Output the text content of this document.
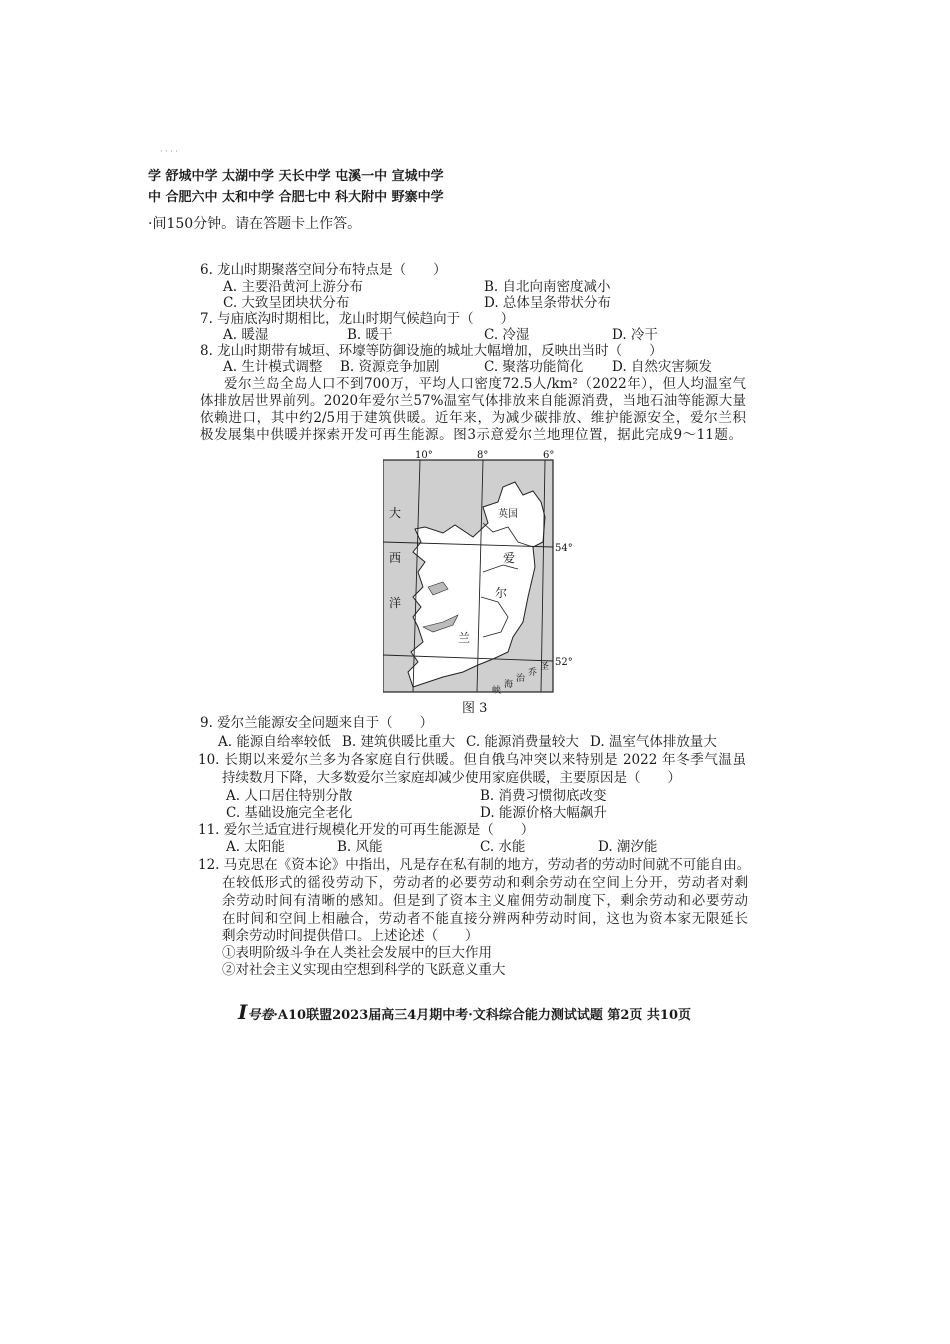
· · · ·
学 舒城中学 太湖中学 天长中学 屯溪一中 宣城中学
中 合肥六中 太和中学 合肥七中 科大附中 野寨中学
·间150分钟。请在答题卡上作答。
6. 龙山时期聚落空间分布特点是（　　）
A. 主要沿黄河上游分布	B. 自北向南密度减小
C. 大致呈团块状分布	D. 总体呈条带状分布
7. 与庙底沟时期相比，龙山时期气候趋向于（　　）
A. 暖湿	B. 暖干	C. 冷湿	D. 冷干
8. 龙山时期带有城垣、环壕等防御设施的城址大幅增加，反映出当时（　　）
A. 生计模式调整 B. 资源竞争加剧	C. 聚落功能简化 D. 自然灾害频发
爱尔兰岛全岛人口不到700万，平均人口密度72.5人/km²（2022年），但人均温室气
体排放居世界前列。2020年爱尔兰57%温室气体排放来自能源消费，当地石油等能源大量
依赖进口，其中约2/5用于建筑供暖。近年来，为减少碳排放、维护能源安全，爱尔兰积
极发展集中供暖并探索开发可再生能源。图3示意爱尔兰地理位置，据此完成9～11题。
10°	8°	6°
54°
52°
大
西
洋
爱
尔
兰
英国
圣
乔
治
海
峡
图 3
9. 爱尔兰能源安全问题来自于（　　）
A. 能源自给率较低 B. 建筑供暖比重大 C. 能源消费量较大 D. 温室气体排放量大
10. 长期以来爱尔兰多为各家庭自行供暖。但自俄乌冲突以来特别是 2022 年冬季气温虽
持续数月下降，大多数爱尔兰家庭却减少使用家庭供暖，主要原因是（　　）
A. 人口居住特别分散	B. 消费习惯彻底改变
C. 基础设施完全老化	D. 能源价格大幅飙升
11. 爱尔兰适宜进行规模化开发的可再生能源是（　　）
A. 太阳能	B. 风能	C. 水能	D. 潮汐能
12. 马克思在《资本论》中指出，凡是存在私有制的地方，劳动者的劳动时间就不可能自由。
在较低形式的徭役劳动下，劳动者的必要劳动和剩余劳动在空间上分开，劳动者对剩
余劳动时间有清晰的感知。但是到了资本主义雇佣劳动制度下，剩余劳动和必要劳动
在时间和空间上相融合，劳动者不能直接分辨两种劳动时间，这也为资本家无限延长
剩余劳动时间提供借口。上述论述（　　）
①表明阶级斗争在人类社会发展中的巨大作用
②对社会主义实现由空想到科学的飞跃意义重大
I号卷·A10联盟2023届高三4月期中考·文科综合能力测试试题 第2页 共10页
